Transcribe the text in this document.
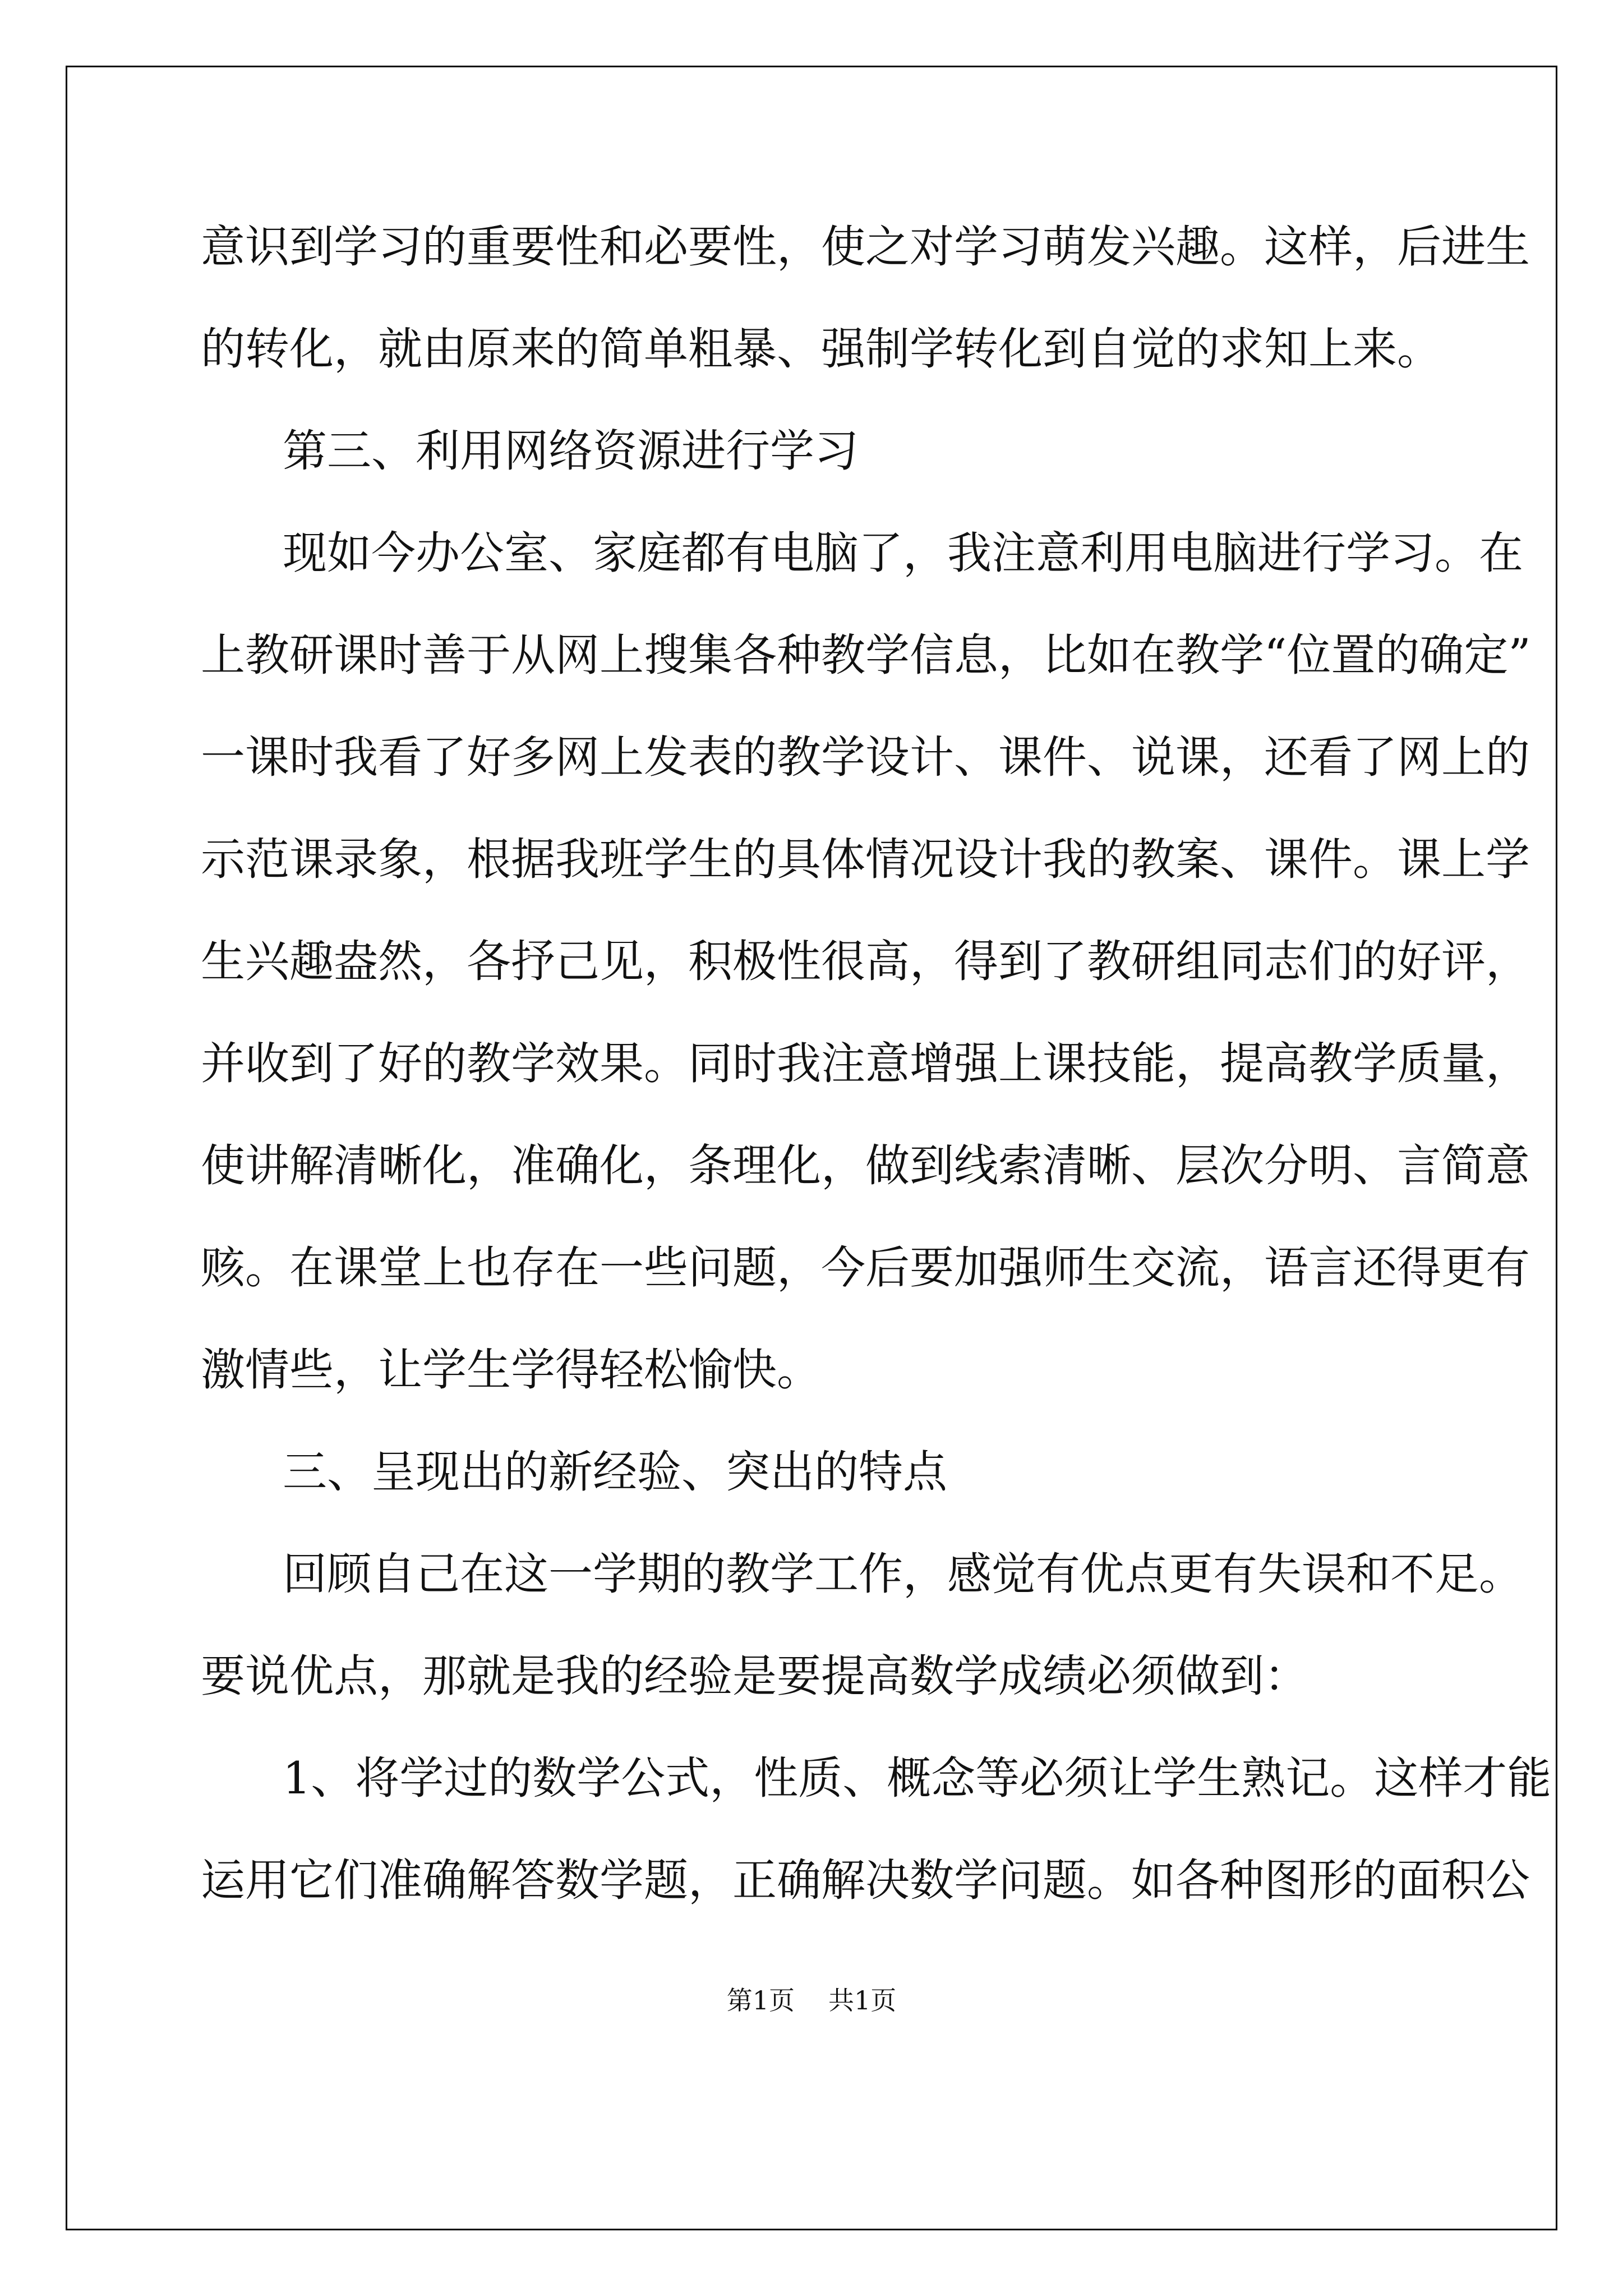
意识到学习的重要性和必要性，使之对学习萌发兴趣。这样，后进生
的转化，就由原来的简单粗暴、强制学转化到自觉的求知上来。
第三、利用网络资源进行学习
现如今办公室、家庭都有电脑了，我注意利用电脑进行学习。在
上教研课时善于从网上搜集各种教学信息，比如在教学“位置的确定”
一课时我看了好多网上发表的教学设计、课件、说课，还看了网上的
示范课录象，根据我班学生的具体情况设计我的教案、课件。课上学
生兴趣盎然，各抒己见，积极性很高，得到了教研组同志们的好评，
并收到了好的教学效果。同时我注意增强上课技能，提高教学质量，
使讲解清晰化，准确化，条理化，做到线索清晰、层次分明、言简意
赅。在课堂上也存在一些问题，今后要加强师生交流，语言还得更有
激情些，让学生学得轻松愉快。
三、呈现出的新经验、突出的特点
回顾自己在这一学期的教学工作，感觉有优点更有失误和不足。
要说优点，那就是我的经验是要提高数学成绩必须做到：
1、将学过的数学公式，性质、概念等必须让学生熟记。这样才能
运用它们准确解答数学题，正确解决数学问题。如各种图形的面积公
第1页 共1页
